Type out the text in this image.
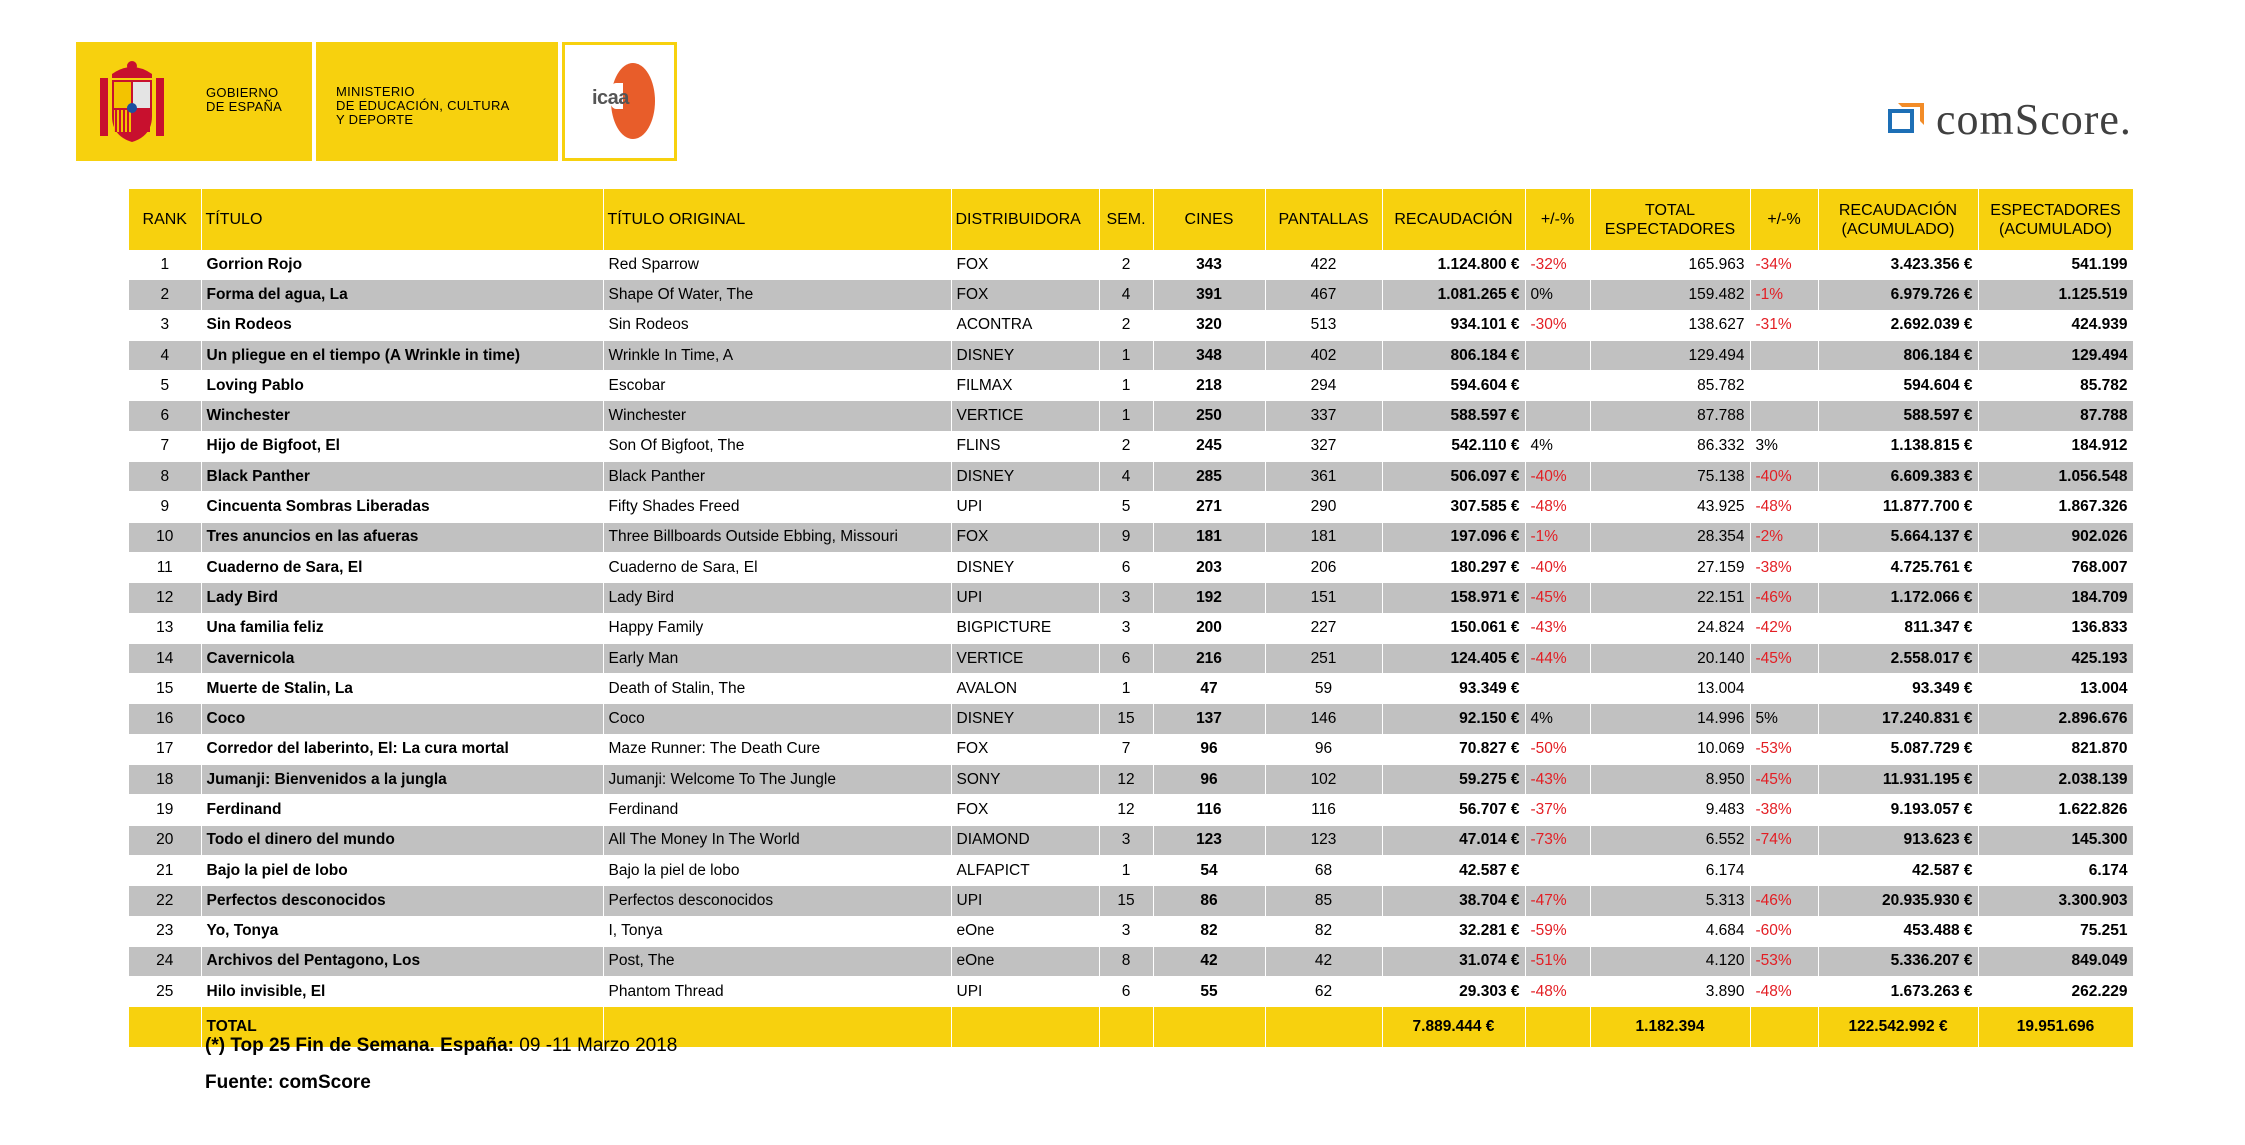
GOBIERNO
DE ESPAÑA
MINISTERIO
DE EDUCACIÓN, CULTURA
Y DEPORTE
icaa	comScore.
RANK	TÍTULO	TÍTULO ORIGINAL	DISTRIBUIDORA	SEM.	CINES	PANTALLAS	RECAUDACIÓN	+/-%	TOTAL ESPECTADORES	+/-%	RECAUDACIÓN (ACUMULADO)	ESPECTADORES (ACUMULADO)
1	Gorrion Rojo	Red Sparrow	FOX	2	343	422	1.124.800 €	-32%	165.963	-34%	3.423.356 €	541.199
2	Forma del agua, La	Shape Of Water, The	FOX	4	391	467	1.081.265 €	0%	159.482	-1%	6.979.726 €	1.125.519
3	Sin Rodeos	Sin Rodeos	ACONTRA	2	320	513	934.101 €	-30%	138.627	-31%	2.692.039 €	424.939
4	Un pliegue en el tiempo (A Wrinkle in time)	Wrinkle In Time, A	DISNEY	1	348	402	806.184 €		129.494		806.184 €	129.494
5	Loving Pablo	Escobar	FILMAX	1	218	294	594.604 €		85.782		594.604 €	85.782
6	Winchester	Winchester	VERTICE	1	250	337	588.597 €		87.788		588.597 €	87.788
7	Hijo de Bigfoot, El	Son Of Bigfoot, The	FLINS	2	245	327	542.110 €	4%	86.332	3%	1.138.815 €	184.912
8	Black Panther	Black Panther	DISNEY	4	285	361	506.097 €	-40%	75.138	-40%	6.609.383 €	1.056.548
9	Cincuenta Sombras Liberadas	Fifty Shades Freed	UPI	5	271	290	307.585 €	-48%	43.925	-48%	11.877.700 €	1.867.326
10	Tres anuncios en las afueras	Three Billboards Outside Ebbing, Missouri	FOX	9	181	181	197.096 €	-1%	28.354	-2%	5.664.137 €	902.026
11	Cuaderno de Sara, El	Cuaderno de Sara, El	DISNEY	6	203	206	180.297 €	-40%	27.159	-38%	4.725.761 €	768.007
12	Lady Bird	Lady Bird	UPI	3	192	151	158.971 €	-45%	22.151	-46%	1.172.066 €	184.709
13	Una familia feliz	Happy Family	BIGPICTURE	3	200	227	150.061 €	-43%	24.824	-42%	811.347 €	136.833
14	Cavernicola	Early Man	VERTICE	6	216	251	124.405 €	-44%	20.140	-45%	2.558.017 €	425.193
15	Muerte de Stalin, La	Death of Stalin, The	AVALON	1	47	59	93.349 €		13.004		93.349 €	13.004
16	Coco	Coco	DISNEY	15	137	146	92.150 €	4%	14.996	5%	17.240.831 €	2.896.676
17	Corredor del laberinto, El: La cura mortal	Maze Runner: The Death Cure	FOX	7	96	96	70.827 €	-50%	10.069	-53%	5.087.729 €	821.870
18	Jumanji: Bienvenidos a la jungla	Jumanji: Welcome To The Jungle	SONY	12	96	102	59.275 €	-43%	8.950	-45%	11.931.195 €	2.038.139
19	Ferdinand	Ferdinand	FOX	12	116	116	56.707 €	-37%	9.483	-38%	9.193.057 €	1.622.826
20	Todo el dinero del mundo	All The Money In The World	DIAMOND	3	123	123	47.014 €	-73%	6.552	-74%	913.623 €	145.300
21	Bajo la piel de lobo	Bajo la piel de lobo	ALFAPICT	1	54	68	42.587 €		6.174		42.587 €	6.174
22	Perfectos desconocidos	Perfectos desconocidos	UPI	15	86	85	38.704 €	-47%	5.313	-46%	20.935.930 €	3.300.903
23	Yo, Tonya	I, Tonya	eOne	3	82	82	32.281 €	-59%	4.684	-60%	453.488 €	75.251
24	Archivos del Pentagono, Los	Post, The	eOne	8	42	42	31.074 €	-51%	4.120	-53%	5.336.207 €	849.049
25	Hilo invisible, El	Phantom Thread	UPI	6	55	62	29.303 €	-48%	3.890	-48%	1.673.263 €	262.229
	TOTAL						7.889.444 €		1.182.394		122.542.992 €	19.951.696
(*) Top 25 Fin de Semana. España: 09 -11 Marzo 2018
Fuente: comScore
